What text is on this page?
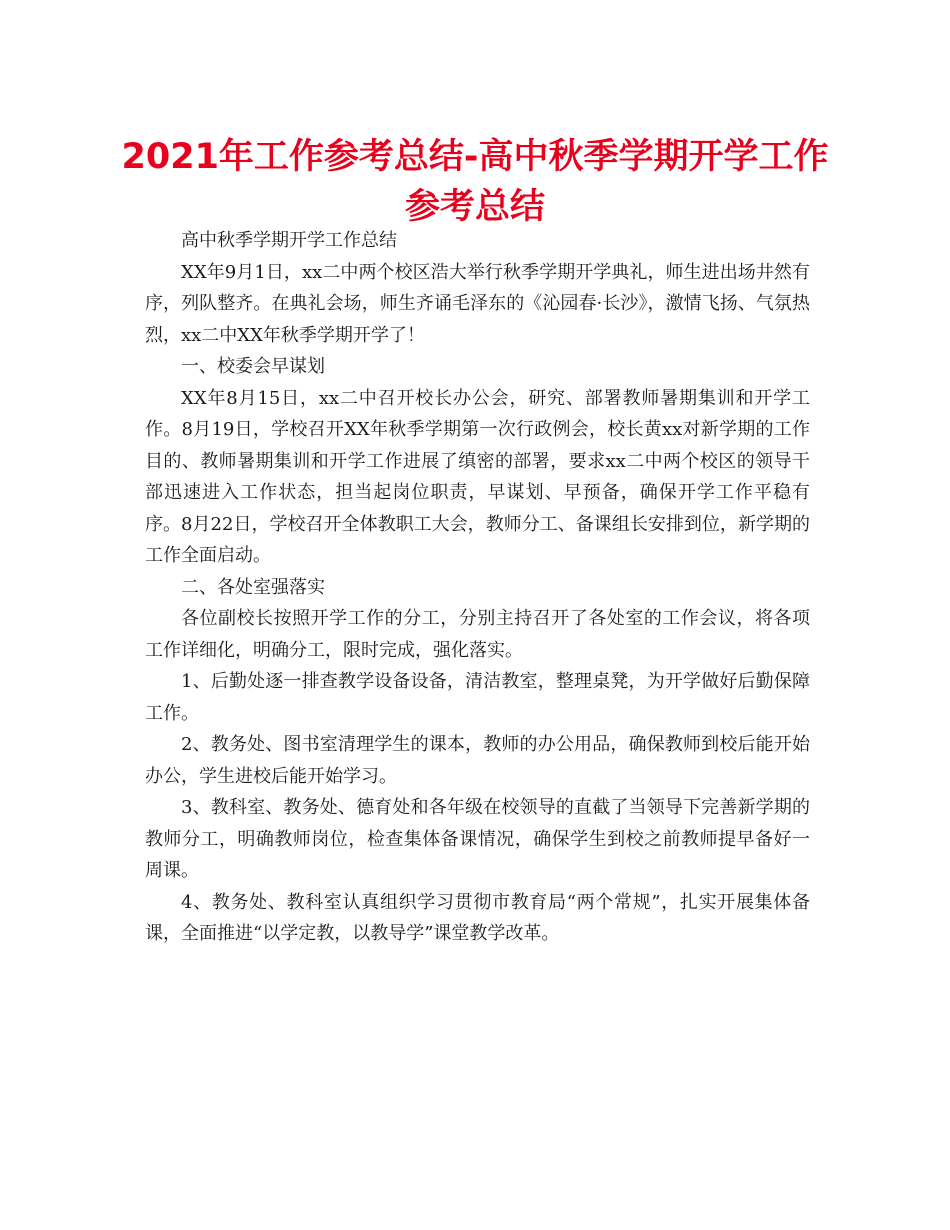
2021年工作参考总结-高中秋季学期开学工作参考总结

高中秋季学期开学工作总结

XX年9月1日，xx二中两个校区浩大举行秋季学期开学典礼，师生进出场井然有序，列队整齐。在典礼会场，师生齐诵毛泽东的《沁园春·长沙》，激情飞扬、气氛热烈，xx二中XX年秋季学期开学了！

一、校委会早谋划

XX年8月15日，xx二中召开校长办公会，研究、部署教师暑期集训和开学工作。8月19日，学校召开XX年秋季学期第一次行政例会，校长黄xx对新学期的工作目的、教师暑期集训和开学工作进展了缜密的部署，要求xx二中两个校区的领导干部迅速进入工作状态，担当起岗位职责，早谋划、早预备，确保开学工作平稳有序。8月22日，学校召开全体教职工大会，教师分工、备课组长安排到位，新学期的工作全面启动。

二、各处室强落实

各位副校长按照开学工作的分工，分别主持召开了各处室的工作会议，将各项工作详细化，明确分工，限时完成，强化落实。

1、后勤处逐一排查教学设备设备，清洁教室，整理桌凳，为开学做好后勤保障工作。

2、教务处、图书室清理学生的课本，教师的办公用品，确保教师到校后能开始办公，学生进校后能开始学习。

3、教科室、教务处、德育处和各年级在校领导的直截了当领导下完善新学期的教师分工，明确教师岗位，检查集体备课情况，确保学生到校之前教师提早备好一周课。

4、教务处、教科室认真组织学习贯彻市教育局“两个常规”，扎实开展集体备课，全面推进“以学定教，以教导学”课堂教学改革。
